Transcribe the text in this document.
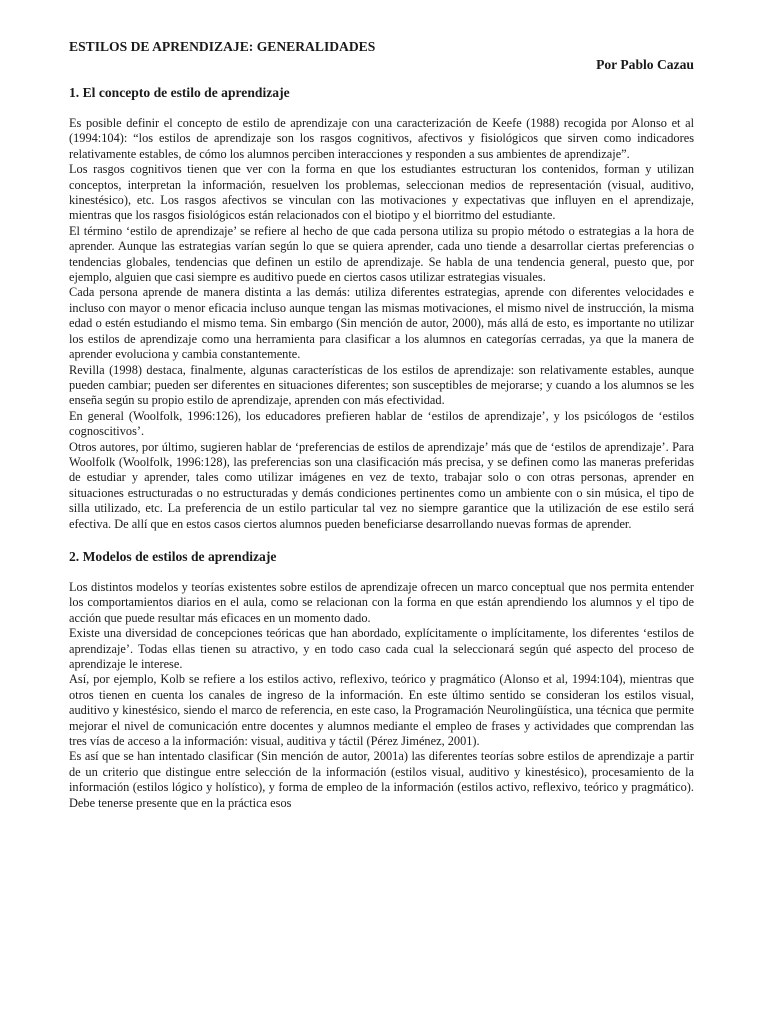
ESTILOS DE APRENDIZAJE: GENERALIDADES
Por Pablo Cazau
1. El concepto de estilo de aprendizaje

Es posible definir el concepto de estilo de aprendizaje con una caracterización de Keefe (1988) recogida por Alonso et al (1994:104): “los estilos de aprendizaje son los rasgos cognitivos, afectivos y fisiológicos que sirven como indicadores relativamente estables, de cómo los alumnos perciben interacciones y responden a sus ambientes de aprendizaje”.

Los rasgos cognitivos tienen que ver con la forma en que los estudiantes estructuran los contenidos, forman y utilizan conceptos, interpretan la información, resuelven los problemas, seleccionan medios de representación (visual, auditivo, kinestésico), etc. Los rasgos afectivos se vinculan con las motivaciones y expectativas que influyen en el aprendizaje, mientras que los rasgos fisiológicos están relacionados con el biotipo y el biorritmo del estudiante.

El término ‘estilo de aprendizaje’ se refiere al hecho de que cada persona utiliza su propio método o estrategias a la hora de aprender. Aunque las estrategias varían según lo que se quiera aprender, cada uno tiende a desarrollar ciertas preferencias o tendencias globales, tendencias que definen un estilo de aprendizaje. Se habla de una tendencia general, puesto que, por ejemplo, alguien que casi siempre es auditivo puede en ciertos casos utilizar estrategias visuales.

Cada persona aprende de manera distinta a las demás: utiliza diferentes estrategias, aprende con diferentes velocidades e incluso con mayor o menor eficacia incluso aunque tengan las mismas motivaciones, el mismo nivel de instrucción, la misma edad o estén estudiando el mismo tema. Sin embargo (Sin mención de autor, 2000), más allá de esto, es importante no utilizar los estilos de aprendizaje como una herramienta para clasificar a los alumnos en categorías cerradas, ya que la manera de aprender evoluciona y cambia constantemente.

Revilla (1998) destaca, finalmente, algunas características de los estilos de aprendizaje: son relativamente estables, aunque pueden cambiar; pueden ser diferentes en situaciones diferentes; son susceptibles de mejorarse; y cuando a los alumnos se les enseña según su propio estilo de aprendizaje, aprenden con más efectividad.

En general (Woolfolk, 1996:126), los educadores prefieren hablar de ‘estilos de aprendizaje’, y los psicólogos de ‘estilos cognoscitivos’.

Otros autores, por último, sugieren hablar de ‘preferencias de estilos de aprendizaje’ más que de ‘estilos de aprendizaje’. Para Woolfolk (Woolfolk, 1996:128), las preferencias son una clasificación más precisa, y se definen como las maneras preferidas de estudiar y aprender, tales como utilizar imágenes en vez de texto, trabajar solo o con otras personas, aprender en situaciones estructuradas o no estructuradas y demás condiciones pertinentes como un ambiente con o sin música, el tipo de silla utilizado, etc. La preferencia de un estilo particular tal vez no siempre garantice que la utilización de ese estilo será efectiva. De allí que en estos casos ciertos alumnos pueden beneficiarse desarrollando nuevas formas de aprender.

2. Modelos de estilos de aprendizaje

Los distintos modelos y teorías existentes sobre estilos de aprendizaje ofrecen un marco conceptual que nos permita entender los comportamientos diarios en el aula, como se relacionan con la forma en que están aprendiendo los alumnos y el tipo de acción que puede resultar más eficaces en un momento dado.

Existe una diversidad de concepciones teóricas que han abordado, explícitamente o implícitamente, los diferentes ‘estilos de aprendizaje’. Todas ellas tienen su atractivo, y en todo caso cada cual la seleccionará según qué aspecto del proceso de aprendizaje le interese.

Así, por ejemplo, Kolb se refiere a los estilos activo, reflexivo, teórico y pragmático (Alonso et al, 1994:104), mientras que otros tienen en cuenta los canales de ingreso de la información. En este último sentido se consideran los estilos visual, auditivo y kinestésico, siendo el marco de referencia, en este caso, la Programación Neurolingüística, una técnica que permite mejorar el nivel de comunicación entre docentes y alumnos mediante el empleo de frases y actividades que comprendan las tres vías de acceso a la información: visual, auditiva y táctil (Pérez Jiménez, 2001).

Es así que se han intentado clasificar (Sin mención de autor, 2001a) las diferentes teorías sobre estilos de aprendizaje a partir de un criterio que distingue entre selección de la información (estilos visual, auditivo y kinestésico), procesamiento de la información (estilos lógico y holístico), y forma de empleo de la información (estilos activo, reflexivo, teórico y pragmático). Debe tenerse presente que en la práctica esos
